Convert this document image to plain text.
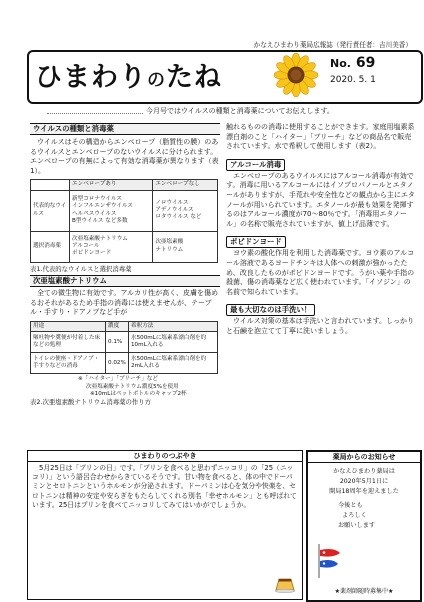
かなえひまわり薬局広報誌（発行責任者：吉川美香）
ひまわりのたね	No. 69
2020. 5. 1
今月号ではウイルスの種類と消毒薬についてお伝えします。
ウイルスの種類と消毒薬

ウイルスはその構造からエンベロープ（脂質性の膜）のあるウイルスとエンベロープのないウイルスに分けられます。エンベロープの有無によって有効な消毒薬が異なります（表1）。

	エンベロープあり	エンベロープなし
代表的なウイルス	新型コロナウイルス
インフルエンザウイルス
ヘルペスウイルス
B型ウイルス など多数	ノロウイルス
アデノウイルス
ロタウイルス など
選択消毒薬	次亜塩素酸ナトリウム
アルコール
ポビドンヨード	次亜塩素酸
ナトリウム
表1.代表的なウイルスと選択消毒薬
次亜塩素酸ナトリウム

全ての微生物に有効です。アルカリ性が高く、皮膚を傷めるおそれがあるため手指の消毒には使えませんが、テーブル・手すり・ドアノブなど手が

用途	濃度	希釈方法
嘔吐物や糞便が付着した床などの処理	0.1%	水500mLに塩素系漂白剤を約10mL入れる
トイレの便座・ドアノブ・手すりなどの消毒	0.02%	水500mLに塩素系漂白剤を約2mL入れる
※「ハイター」「ブリーチ」など
次亜塩素酸ナトリウム濃度5%を使用
※10mLはペットボトルのキャップ2杯
表2.次亜塩素酸ナトリウム消毒薬の作り方

触れるものの消毒に使用することができます。家庭用塩素系漂白剤のこと「ハイター」「ブリーチ」などの商品名で販売されています。水で希釈して使用します（表2）。

アルコール消毒

エンベロープのあるウイルスにはアルコール消毒が有効です。消毒に用いるアルコールにはイソプロパノールとエタノールがありますが、手荒れや安全性などの観点から主にエタノールが用いられています。エタノールが最も効果を発揮するのはアルコール濃度が70〜80％です。「消毒用エタノール」の名称で販売されていますが、値上げ品薄です。

ポビドンヨード

ヨウ素の酸化作用を利用した消毒薬です。ヨウ素のアルコール溶液であるヨードチンキは人体への刺激が強かったため、改良したものがポビドンヨードです。うがい薬や手指の殺菌、傷の消毒薬など広く使われています。「イソジン」の名前で知られています。

最も大切なのは手洗い！

ウイルス対策の基本は手洗いと言われています。しっかりと石鹸を泡立てて丁寧に洗いましょう。

ひまわりのつぶやき

5月25日は「プリンの日」です。「プリンを食べると思わずニッコリ」の「25（ニッコリ）」という語呂合わせからきているそうです。甘い物を食べると、体の中でドーパミンとセロトニンというホルモンが分泌されます。ドーパミンは心を気分や快楽を、セロトニンは精神の安定や安らぎをもたらしてくれる別名「幸せホルモン」とも呼ばれています。25日はプリンを食べてニッコリしてみてはいかがでしょうか。

薬局からのお知らせ
かなえひまわり薬局は
2020年5月1日に
開局18周年を迎えました
今後とも
よろしく
お願いします
★薬剤師随時募集中★
